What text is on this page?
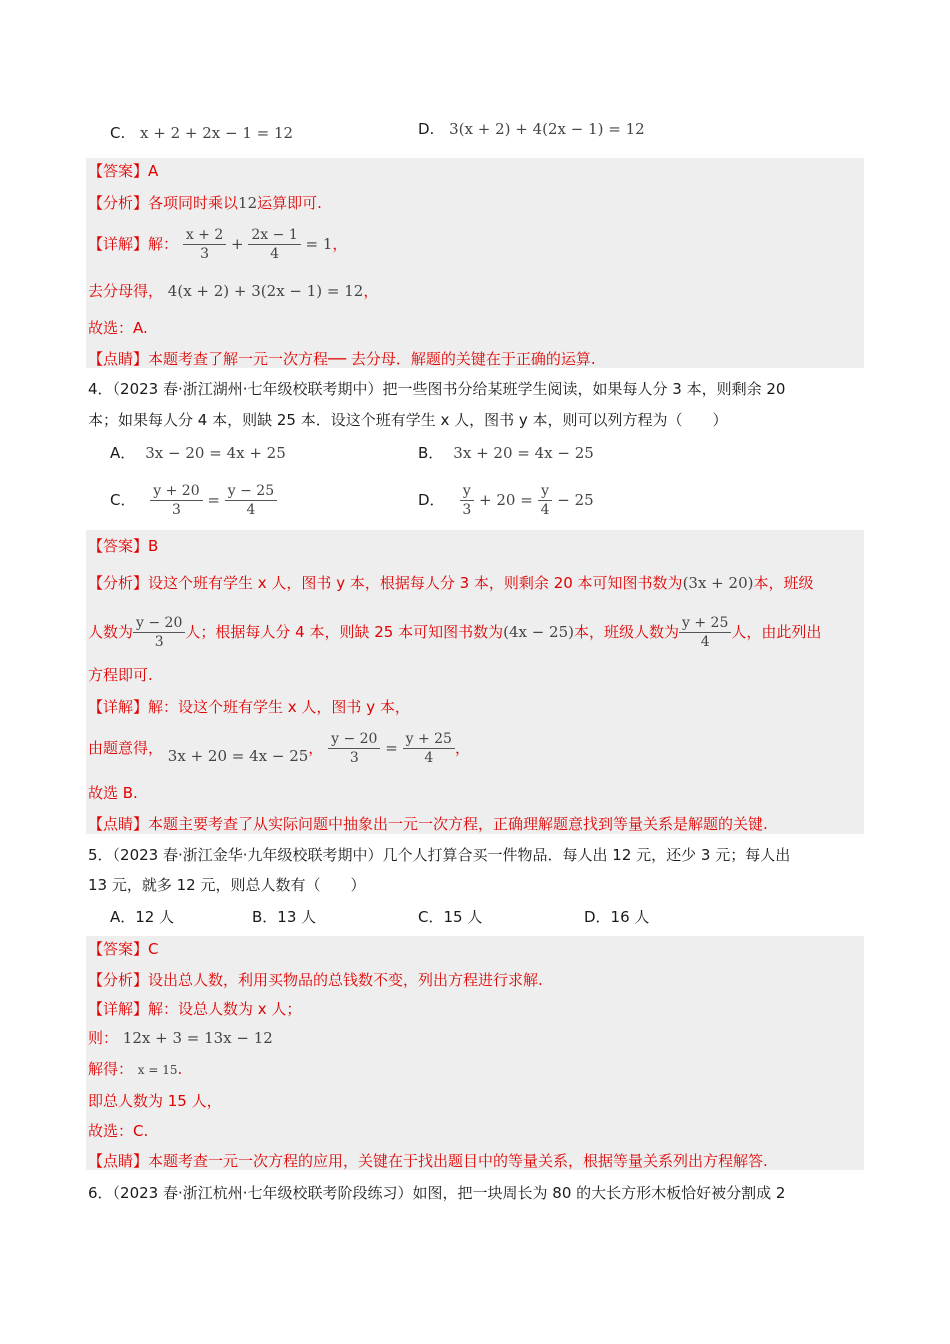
C. x + 2 + 2x − 1 = 12	D. 3(x + 2) + 4(2x − 1) = 12
【答案】A
【分析】各项同时乘以12运算即可.
【详解】解： $\frac{x + 2}{3} + \frac{2x - 1}{4} = 1$，
去分母得， 4(x + 2) + 3(2x − 1) = 12，
故选：A.
【点睛】本题考查了解一元一次方程── 去分母．解题的关键在于正确的运算.
4．（2023 春·浙江湖州·七年级校联考期中）把一些图书分给某班学生阅读，如果每人分 3 本，则剩余 20
本；如果每人分 4 本，则缺 25 本．设这个班有学生 x 人，图书 y 本，则可以列方程为（　　）
A． 3x − 20 = 4x + 25	B． 3x + 20 = 4x − 25
C． $\frac{y + 20}{3} = \frac{y - 25}{4}$	D． $\frac{y}{3} + 20 = \frac{y}{4} - 25$
【答案】B
【分析】设这个班有学生 x 人，图书 y 本，根据每人分 3 本，则剩余 20 本可知图书数为(3x + 20)本，班级
人数为 $\frac{y - 20}{3}$ 人；根据每人分 4 本，则缺 25 本可知图书数为(4x − 25)本，班级人数为 $\frac{y + 25}{4}$ 人，由此列出
方程即可.
【详解】解：设这个班有学生 x 人，图书 y 本，
由题意得， 3x + 20 = 4x − 25， $\frac{y - 20}{3} = \frac{y + 25}{4}$ ，
故选 B.
【点睛】本题主要考查了从实际问题中抽象出一元一次方程，正确理解题意找到等量关系是解题的关键.
5．（2023 春·浙江金华·九年级校联考期中）几个人打算合买一件物品．每人出 12 元，还少 3 元；每人出
13 元，就多 12 元，则总人数有（　　）
A．12 人	B．13 人	C．15 人	D．16 人
【答案】C
【分析】设出总人数，利用买物品的总钱数不变，列出方程进行求解.
【详解】解：设总人数为 x 人；
则： 12x + 3 = 13x − 12
解得： x = 15.
即总人数为 15 人，
故选：C.
【点睛】本题考查一元一次方程的应用，关键在于找出题目中的等量关系，根据等量关系列出方程解答.
6．（2023 春·浙江杭州·七年级校联考阶段练习）如图，把一块周长为 80 的大长方形木板恰好被分割成 2
